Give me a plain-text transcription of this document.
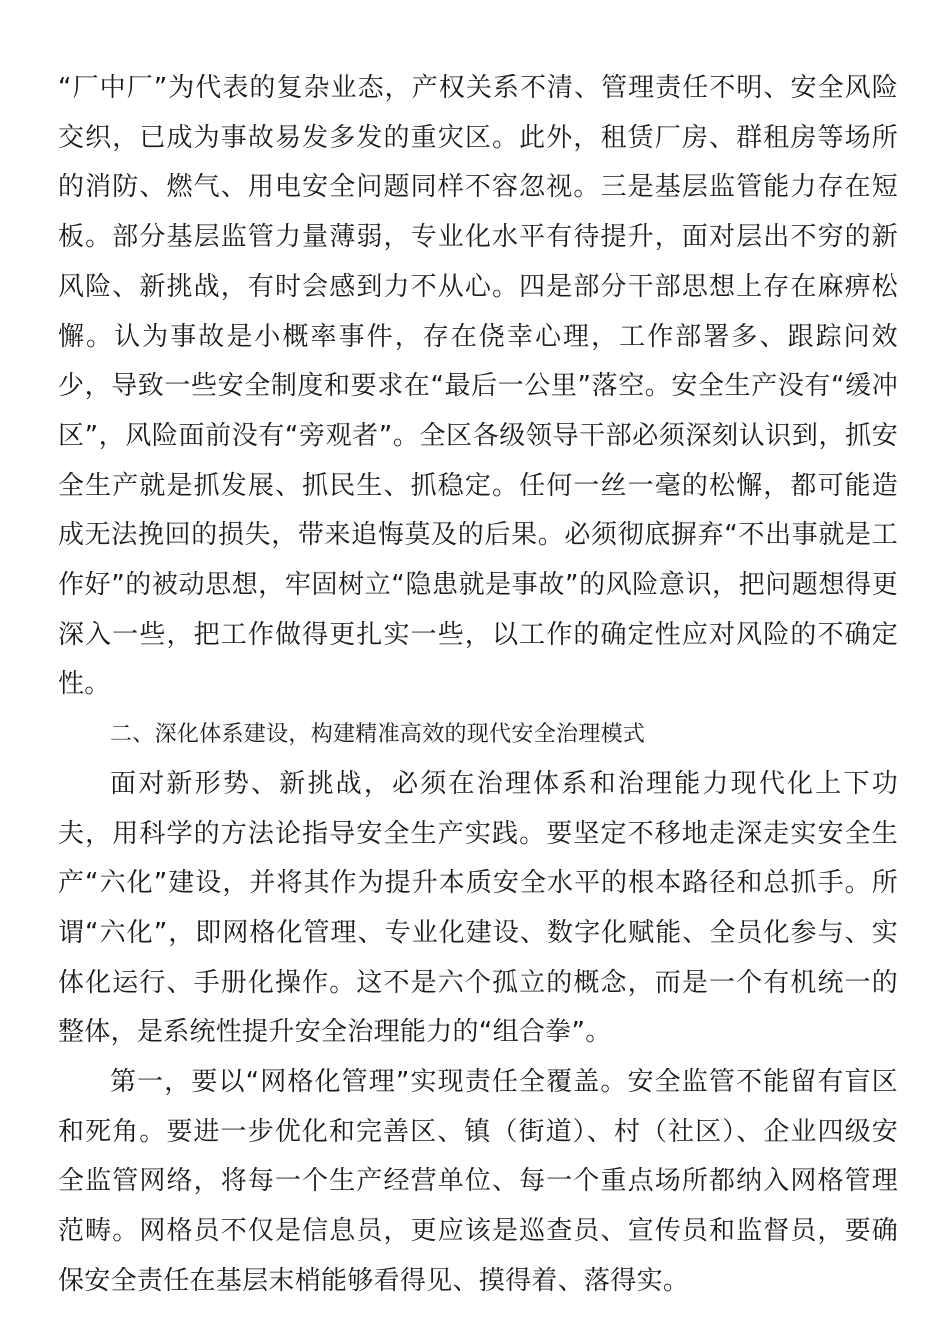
“厂中厂”为代表的复杂业态，产权关系不清、管理责任不明、安全风险交织，已成为事故易发多发的重灾区。此外，租赁厂房、群租房等场所的消防、燃气、用电安全问题同样不容忽视。三是基层监管能力存在短板。部分基层监管力量薄弱，专业化水平有待提升，面对层出不穷的新风险、新挑战，有时会感到力不从心。四是部分干部思想上存在麻痹松懈。认为事故是小概率事件，存在侥幸心理，工作部署多、跟踪问效少，导致一些安全制度和要求在“最后一公里”落空。安全生产没有“缓冲区”，风险面前没有“旁观者”。全区各级领导干部必须深刻认识到，抓安全生产就是抓发展、抓民生、抓稳定。任何一丝一毫的松懈，都可能造成无法挽回的损失，带来追悔莫及的后果。必须彻底摒弃“不出事就是工作好”的被动思想，牢固树立“隐患就是事故”的风险意识，把问题想得更深入一些，把工作做得更扎实一些，以工作的确定性应对风险的不确定性。

二、深化体系建设，构建精准高效的现代安全治理模式

面对新形势、新挑战，必须在治理体系和治理能力现代化上下功夫，用科学的方法论指导安全生产实践。要坚定不移地走深走实安全生产“六化”建设，并将其作为提升本质安全水平的根本路径和总抓手。所谓“六化”，即网格化管理、专业化建设、数字化赋能、全员化参与、实体化运行、手册化操作。这不是六个孤立的概念，而是一个有机统一的整体，是系统性提升安全治理能力的“组合拳”。

第一，要以“网格化管理”实现责任全覆盖。安全监管不能留有盲区和死角。要进一步优化和完善区、镇（街道）、村（社区）、企业四级安全监管网络，将每一个生产经营单位、每一个重点场所都纳入网格管理范畴。网格员不仅是信息员，更应该是巡查员、宣传员和监督员，要确保安全责任在基层末梢能够看得见、摸得着、落得实。
